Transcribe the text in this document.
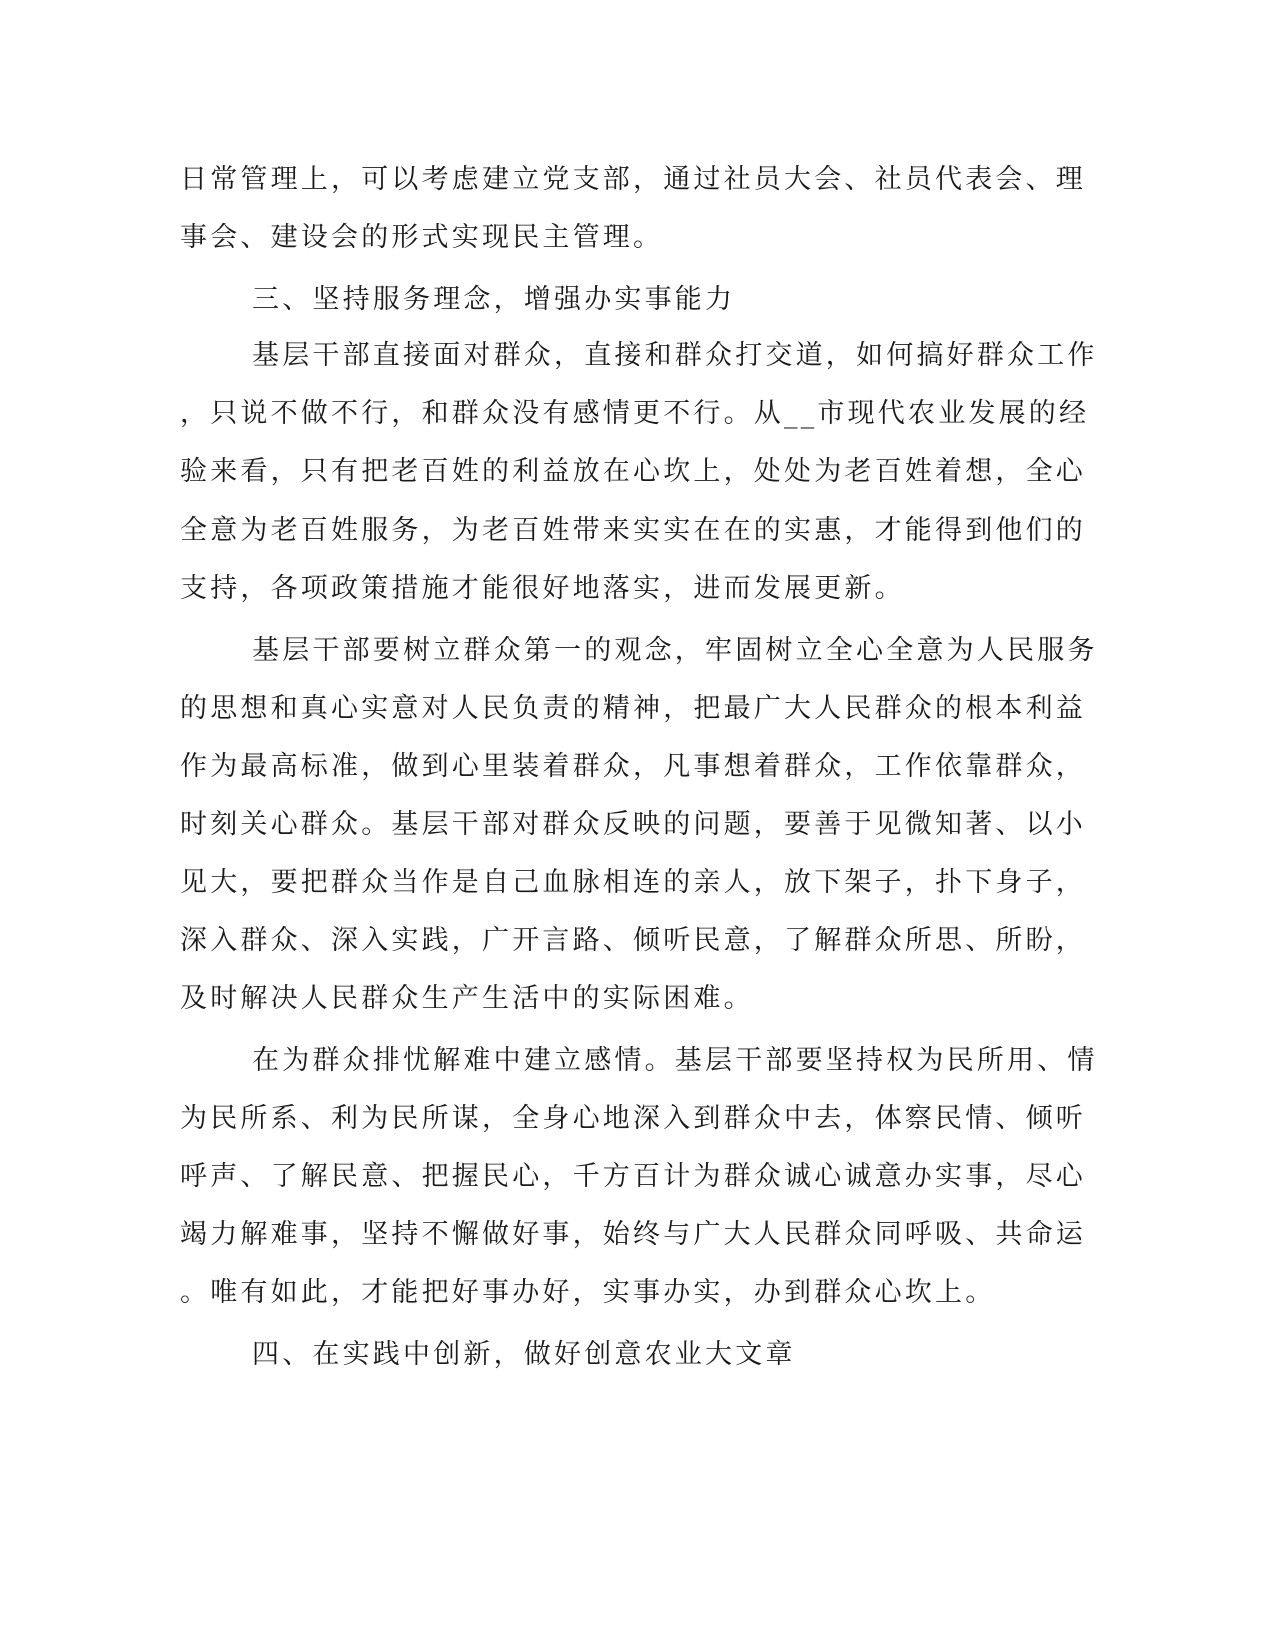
日常管理上，可以考虑建立党支部，通过社员大会、社员代表会、理
事会、建设会的形式实现民主管理。
三、坚持服务理念，增强办实事能力
基层干部直接面对群众，直接和群众打交道，如何搞好群众工作
，只说不做不行，和群众没有感情更不行。从__市现代农业发展的经
验来看，只有把老百姓的利益放在心坎上，处处为老百姓着想，全心
全意为老百姓服务，为老百姓带来实实在在的实惠，才能得到他们的
支持，各项政策措施才能很好地落实，进而发展更新。
基层干部要树立群众第一的观念，牢固树立全心全意为人民服务
的思想和真心实意对人民负责的精神，把最广大人民群众的根本利益
作为最高标准，做到心里装着群众，凡事想着群众，工作依靠群众，
时刻关心群众。基层干部对群众反映的问题，要善于见微知著、以小
见大，要把群众当作是自己血脉相连的亲人，放下架子，扑下身子，
深入群众、深入实践，广开言路、倾听民意，了解群众所思、所盼，
及时解决人民群众生产生活中的实际困难。
在为群众排忧解难中建立感情。基层干部要坚持权为民所用、情
为民所系、利为民所谋，全身心地深入到群众中去，体察民情、倾听
呼声、了解民意、把握民心，千方百计为群众诚心诚意办实事，尽心
竭力解难事，坚持不懈做好事，始终与广大人民群众同呼吸、共命运
。唯有如此，才能把好事办好，实事办实，办到群众心坎上。
四、在实践中创新，做好创意农业大文章
